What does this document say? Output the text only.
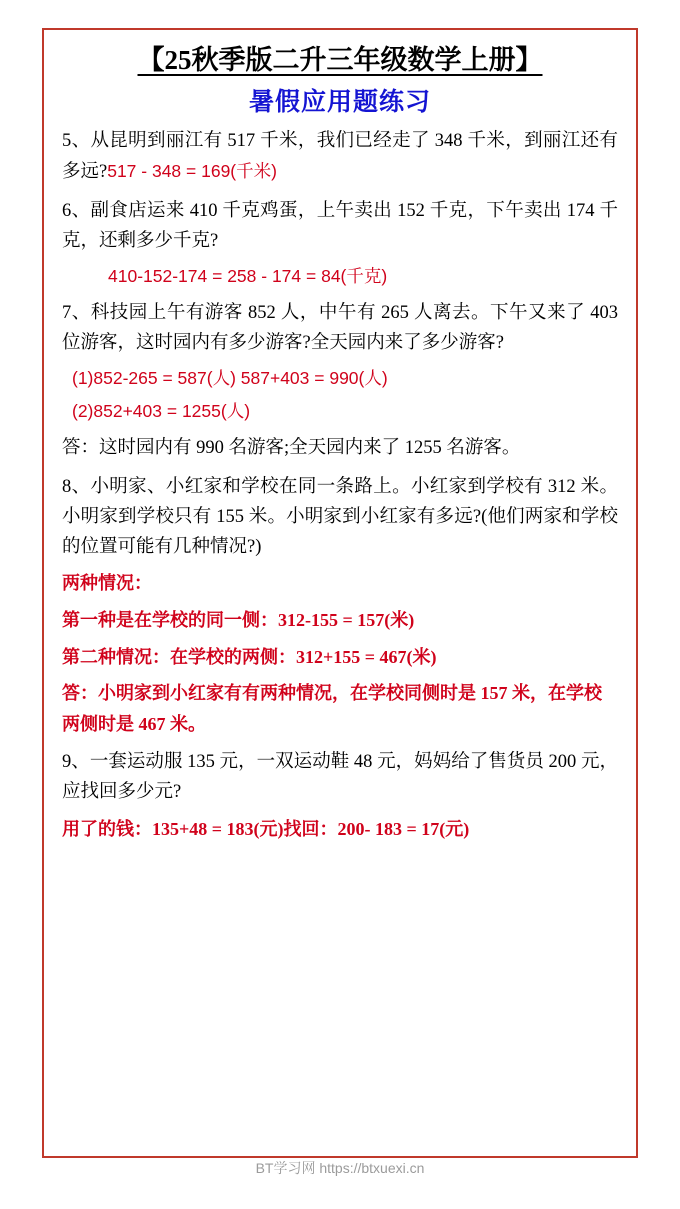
【25秋季版二升三年级数学上册】
暑假应用题练习
5、从昆明到丽江有 517 千米，我们已经走了 348 千米，到丽江还有多远?517 - 348 = 169(千米)
6、副食店运来 410 千克鸡蛋，上午卖出 152 千克，下午卖出 174 千克，还剩多少千克?
410-152-174 = 258 - 174 = 84(千克)
7、科技园上午有游客 852 人，中午有 265 人离去。下午又来了 403 位游客，这时园内有多少游客?全天园内来了多少游客?
(1)852-265 = 587(人) 587+403 = 990(人)
(2)852+403 = 1255(人)
答：这时园内有 990 名游客;全天园内来了 1255 名游客。
8、小明家、小红家和学校在同一条路上。小红家到学校有 312 米。小明家到学校只有 155 米。小明家到小红家有多远?(他们两家和学校的位置可能有几种情况?)
两种情况：
第一种是在学校的同一侧：312-155 = 157(米)
第二种情况：在学校的两侧：312+155 = 467(米)
答：小明家到小红家有有两种情况，在学校同侧时是 157 米，在学校两侧时是 467 米。
9、一套运动服 135 元，一双运动鞋 48 元，妈妈给了售货员 200 元，应找回多少元?
用了的钱：135+48 = 183(元)找回：200- 183 = 17(元)
BT学习网 https://btxuexi.cn
